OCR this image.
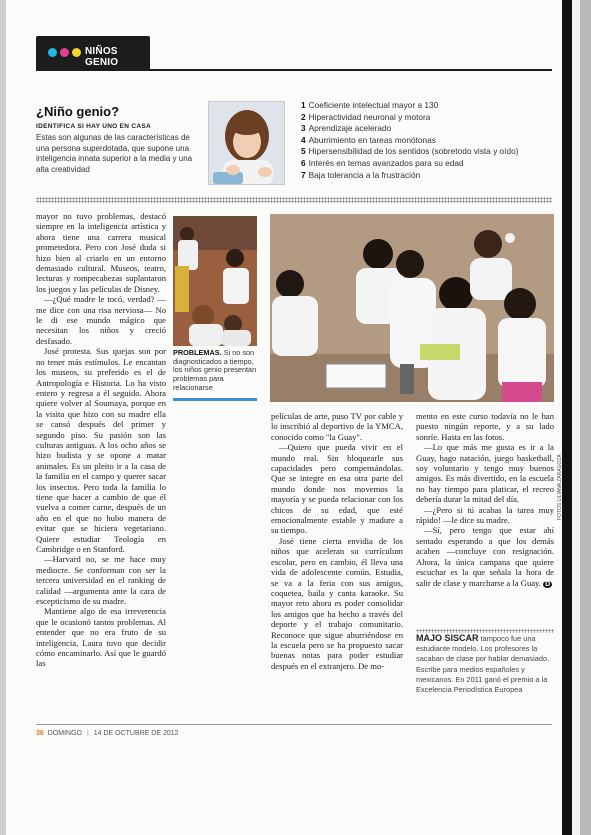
NIÑOS GENIO
¿Niño genio?
IDENTIFICA SI HAY UNO EN CASA

Estas son algunas de las características de una persona superdotada, que supone una inteligencia innata superior a la media y una alta creatividad

1 Coeficiente intelectual mayor a 130
2 Hiperactividad neuronal y motora
3 Aprendizaje acelerado
4 Aburrimiento en tareas monótonas
5 Hipersensibilidad de los sentidos (sobretodo vista y oído)
6 Interés en temas avanzados para su edad
7 Baja tolerancia a la frustración

mayor no tuvo problemas, destacó siempre en la inteligencia artística y ahora tiene una carrera musical prometedora. Pero con José duda si hizo bien al criarlo en un entorno demasiado cultural. Museos, teatro, lecturas y rompecabezas suplantaron los juegos y las películas de Disney.

—¿Qué madre le tocó, verdad? —me dice con una risa nerviosa— No le di ese mundo mágico que necesitan los niños y creció desfasado.

José protesta. Sus quejas son por no tener más estímulos. Le encantan los museos, su preferido es el de Antropología e Historia. Lo ha visto entero y regresa a él seguido. Ahora quiere volver al Soumaya, porque en la visita que hizo con su madre ella se cansó después del primer y segundo piso. Su pasión son las culturas antiguas. A los ocho años se hizo budista y se opone a matar animales. Es un pleito ir a la casa de la familia en el campo y querer sacar los insectos. Pero toda la familia lo tiene que hacer a cambio de que él vuelva a comer carne, después de un año en el que no hubo manera de evitar que se hiciera vegetariano. Quiere estudiar Teología en Cambridge o en Stanford.

—Harvard no, se me hace muy mediocre. Se conforman con ser la tercera universidad en el ranking de calidad —argumenta ante la cara de escepticismo de su madre.

Mantiene algo de esa irreverencia que le ocasionó tantos problemas. Al entender que no era fruto de su inteligencia, Laura tuvo que decidir cómo encaminarlo. Así que le guardó las

PROBLEMAS. Si no son diagnosticados a tiempo, los niños genio presentan problemas para relacionarse
FOTOS LILIANA ZARAGOZA

películas de arte, puso TV por cable y lo inscribió al deportivo de la YMCA, conocido como "la Guay".

—Quiero que pueda vivir en el mundo real. Sin bloquearle sus capacidades pero compensándolas. Que se integre en esa otra parte del mundo donde nos movemos la mayoría y se pueda relacionar con los chicos de su edad, que esté emocionalmente estable y madure a su tiempo.

José tiene cierta envidia de los niños que aceleran su currículum escolar, pero en cambio, él lleva una vida de adolescente común. Estudia, se va a la feria con sus amigos, coquetea, baila y canta karaoke. Su mayor reto ahora es poder consolidar los amigos que ha hecho a través del deporte y el trabajo comunitario. Reconoce que sigue aburriéndose en la escuela pero se ha propuesto sacar buenas notas para poder estudiar después en el extranjero. De mo-

mento en este curso todavía no le han puesto ningún reporte, y a su lado sonríe. Hasta en las fotos.

—Lo que más me gusta es ir a la Guay, hago natación, juego basketball, soy voluntario y tengo muy buenos amigos. Es más divertido, en la escuela no hay tiempo para platicar, el recreo debería durar la mitad del día.

—¿Pero si tú acabas la tarea muy rápido! —le dice su madre.

—Sí, pero tengo que estar ahí sentado esperando a que los demás acaben —concluye con resignación. Ahora, la única campana que quiere escuchar es la que señala la hora de salir de clase y marcharse a la Guay. D

MAJO SISCAR tampoco fue una estudiante modelo. Los profesores la sacaban de clase por hablar demasiado. Escribe para medios españoles y mexicanos. En 2011 ganó el premio a la Excelencia Periodística Europea
36 DOMINGO | 14 DE OCTUBRE DE 2012
